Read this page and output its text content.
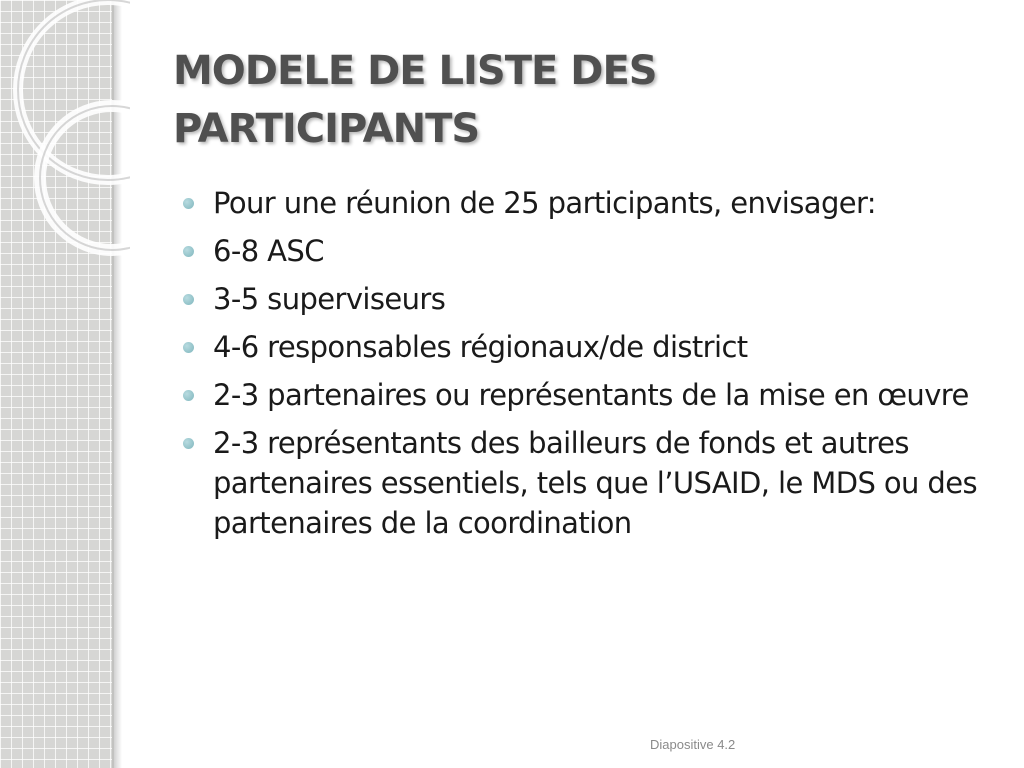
MODELE DE LISTE DES PARTICIPANTS
Pour une réunion de 25 participants, envisager:
6-8 ASC
3-5 superviseurs
4-6 responsables régionaux/de district
2-3 partenaires ou représentants de la mise en œuvre
2-3 représentants des bailleurs de fonds et autres partenaires essentiels, tels que l’USAID, le MDS ou des partenaires de la coordination
Diapositive 4.2
